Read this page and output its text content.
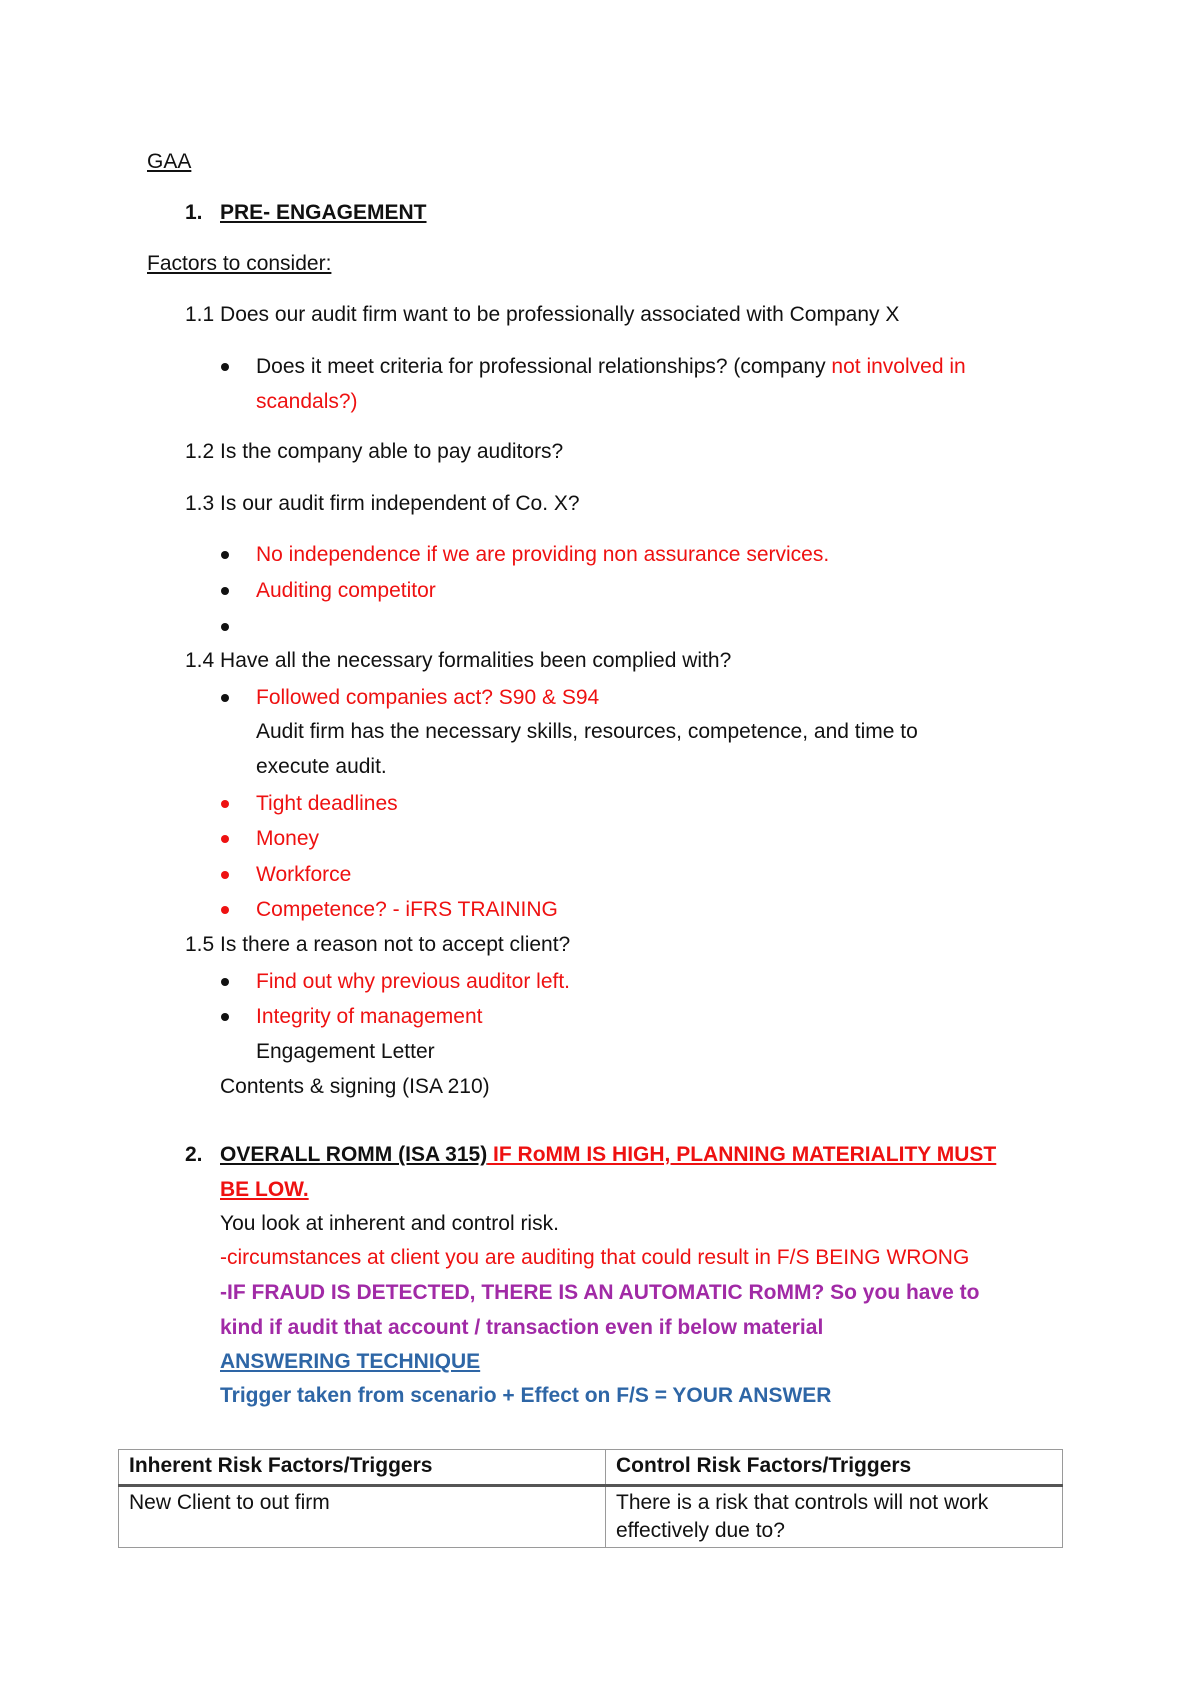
GAA
1. PRE- ENGAGEMENT
Factors to consider:
1.1 Does our audit firm want to be professionally associated with Company X
Does it meet criteria for professional relationships? (company not involved in
scandals?)
1.2 Is the company able to pay auditors?
1.3 Is our audit firm independent of Co. X?
No independence if we are providing non assurance services.
Auditing competitor
1.4 Have all the necessary formalities been complied with?
Followed companies act? S90 & S94
Audit firm has the necessary skills, resources, competence, and time to
execute audit.
Tight deadlines
Money
Workforce
Competence? - iFRS TRAINING
1.5 Is there a reason not to accept client?
Find out why previous auditor left.
Integrity of management
Engagement Letter
Contents & signing (ISA 210)
2. OVERALL ROMM (ISA 315) IF RoMM IS HIGH, PLANNING MATERIALITY MUST
BE LOW.
You look at inherent and control risk.
-circumstances at client you are auditing that could result in F/S BEING WRONG
-IF FRAUD IS DETECTED, THERE IS AN AUTOMATIC RoMM? So you have to
kind if audit that account / transaction even if below material
ANSWERING TECHNIQUE
Trigger taken from scenario + Effect on F/S = YOUR ANSWER
Inherent Risk Factors/Triggers	Control Risk Factors/Triggers
New Client to out firm	There is a risk that controls will not work effectively due to?
